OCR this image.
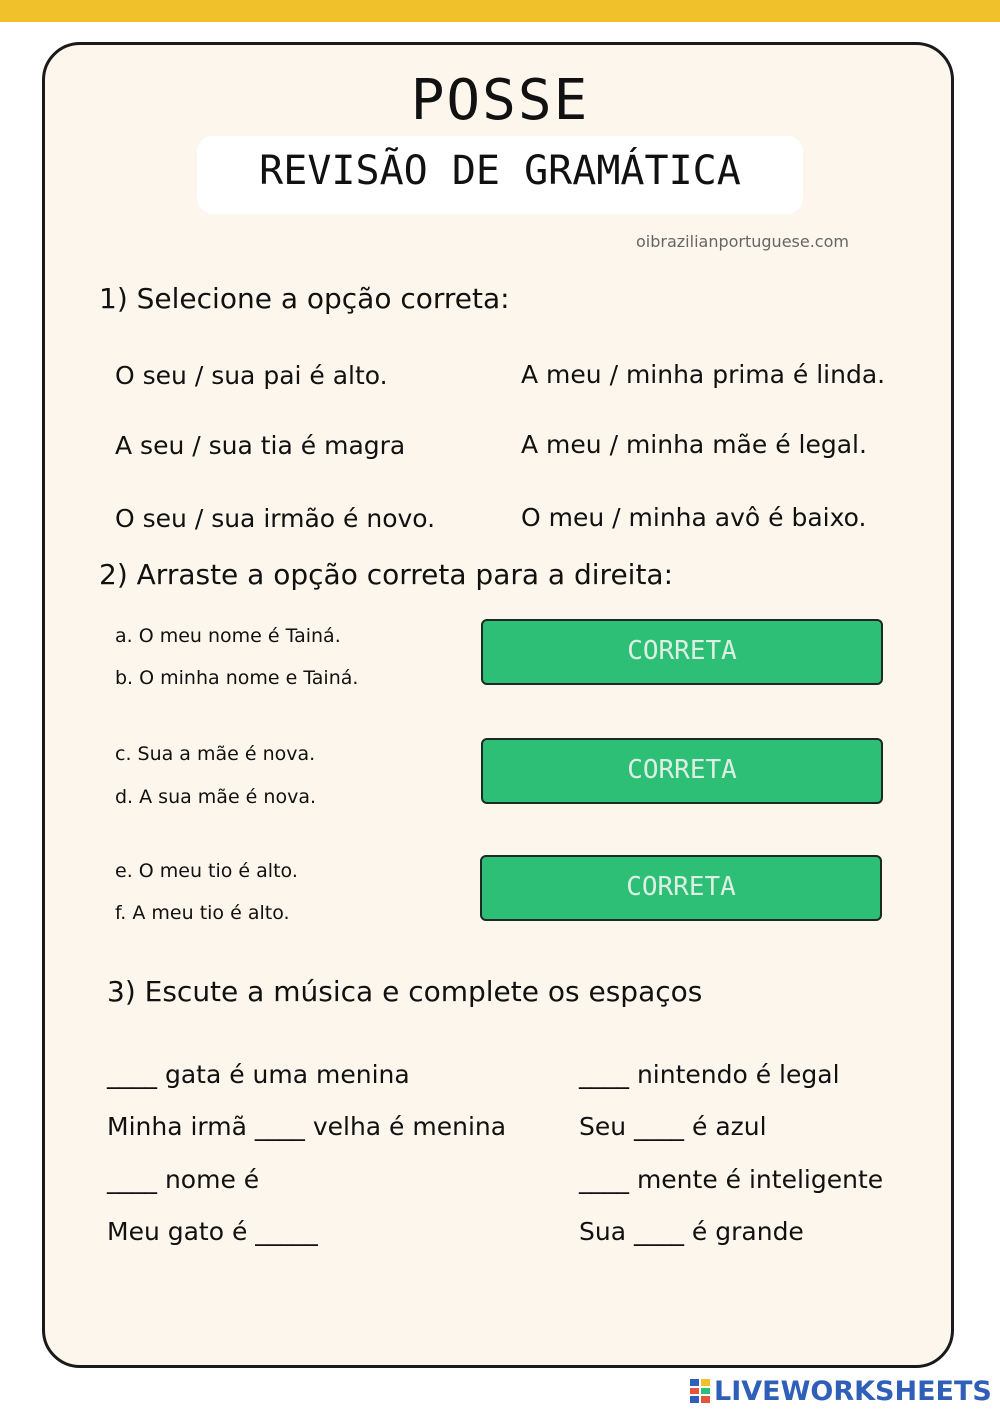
POSSE
REVISÃO DE GRAMÁTICA
oibrazilianportuguese.com
1) Selecione a opção correta:
O seu / sua pai é alto.
A seu / sua tia é magra
O seu / sua irmão é novo.
A meu / minha prima é linda.
A meu / minha mãe é legal.
O meu / minha avô é baixo.
2) Arraste a opção correta para a direita:
a. O meu nome é Tainá.
b. O minha nome e Tainá.
CORRETA
c. Sua a mãe é nova.
d. A sua mãe é nova.
CORRETA
e. O meu tio é alto.
f. A meu tio é alto.
CORRETA
3) Escute a música e complete os espaços
____ gata é uma menina
Minha irmã ____ velha é menina
____ nome é
Meu gato é _____
____ nintendo é legal
Seu ____ é azul
____ mente é inteligente
Sua ____ é grande
LIVEWORKSHEETS
